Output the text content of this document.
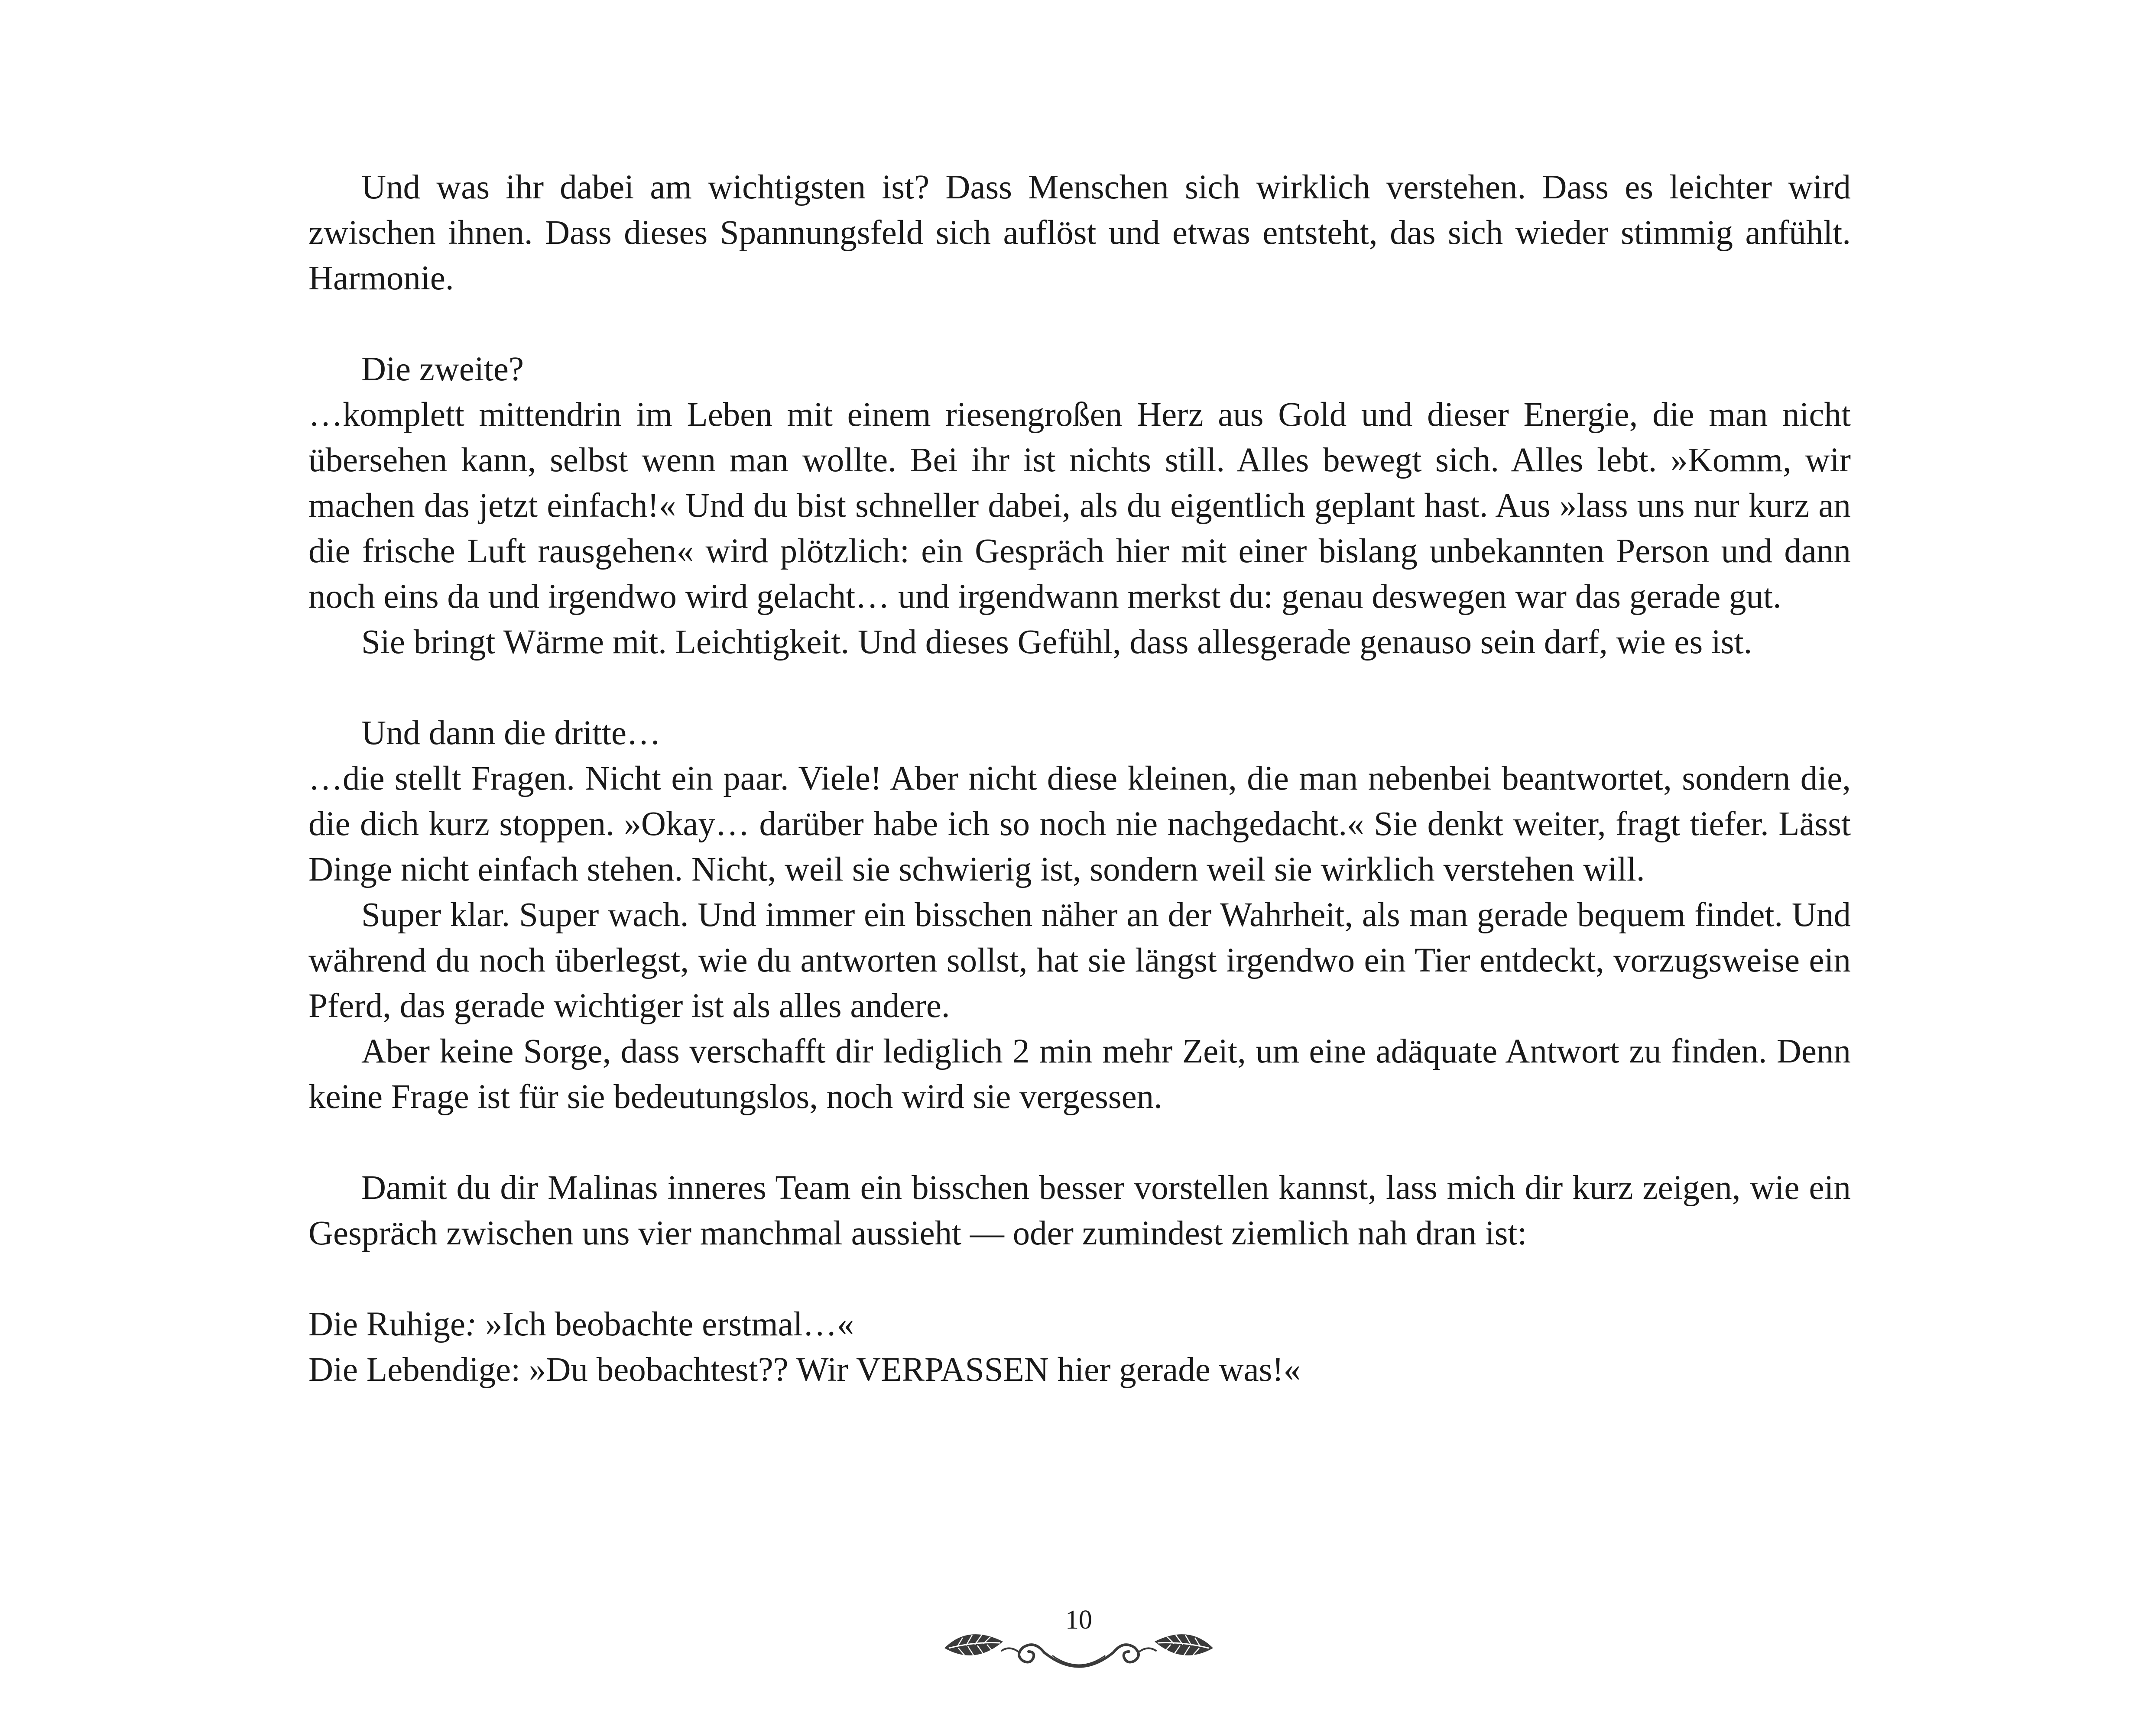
Und was ihr dabei am wichtigsten ist? Dass Menschen sich wirklich verstehen. Dass es leichter wird zwischen ihnen. Dass dieses Spannungsfeld sich auflöst und etwas entsteht, das sich wieder stimmig anfühlt. Harmonie.

Die zweite?

…komplett mittendrin im Leben mit einem riesengroßen Herz aus Gold und dieser Energie, die man nicht übersehen kann, selbst wenn man wollte. Bei ihr ist nichts still. Alles bewegt sich. Alles lebt. »Komm, wir machen das jetzt einfach!« Und du bist schneller dabei, als du eigentlich geplant hast. Aus »lass uns nur kurz an die frische Luft rausgehen« wird plötzlich: ein Gespräch hier mit einer bislang unbekannten Person und dann noch eins da und irgendwo wird gelacht… und irgendwann merkst du: genau deswegen war das gerade gut.

Sie bringt Wärme mit. Leichtigkeit. Und dieses Gefühl, dass allesgerade genauso sein darf, wie es ist.

Und dann die dritte…

…die stellt Fragen. Nicht ein paar. Viele! Aber nicht diese kleinen, die man nebenbei beantwortet, sondern die, die dich kurz stoppen. »Okay… darüber habe ich so noch nie nachgedacht.« Sie denkt weiter, fragt tiefer. Lässt Dinge nicht einfach stehen. Nicht, weil sie schwierig ist, sondern weil sie wirklich verstehen will.

Super klar. Super wach. Und immer ein bisschen näher an der Wahrheit, als man gerade bequem findet. Und während du noch überlegst, wie du antworten sollst, hat sie längst irgendwo ein Tier entdeckt, vorzugsweise ein Pferd, das gerade wichtiger ist als alles andere.

Aber keine Sorge, dass verschafft dir lediglich 2 min mehr Zeit, um eine adäquate Antwort zu finden. Denn keine Frage ist für sie bedeutungslos, noch wird sie vergessen.

Damit du dir Malinas inneres Team ein bisschen besser vorstellen kannst, lass mich dir kurz zeigen, wie ein Gespräch zwischen uns vier manchmal aussieht — oder zumindest ziemlich nah dran ist:

Die Ruhige: »Ich beobachte erstmal…«

Die Lebendige: »Du beobachtest?? Wir VERPASSEN hier gerade was!«

10
